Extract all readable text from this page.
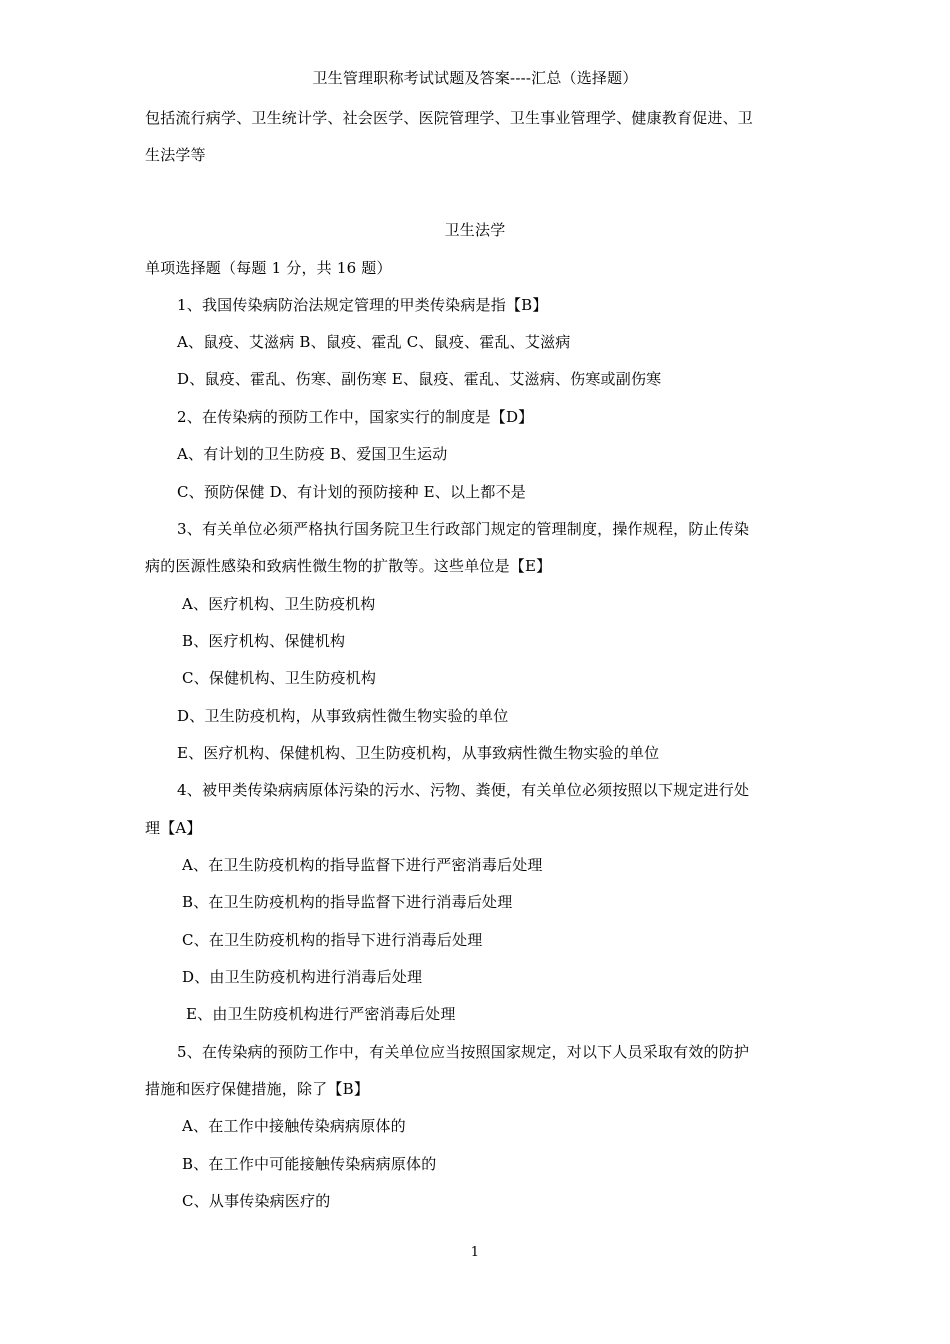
卫生管理职称考试试题及答案----汇总（选择题）
包括流行病学、卫生统计学、社会医学、医院管理学、卫生事业管理学、健康教育促进、卫
生法学等
卫生法学
单项选择题（每题 1 分，共 16 题）
1、我国传染病防治法规定管理的甲类传染病是指【B】
A、鼠疫、艾滋病 B、鼠疫、霍乱 C、鼠疫、霍乱、艾滋病
D、鼠疫、霍乱、伤寒、副伤寒 E、鼠疫、霍乱、艾滋病、伤寒或副伤寒
2、在传染病的预防工作中，国家实行的制度是【D】
A、有计划的卫生防疫 B、爱国卫生运动
C、预防保健 D、有计划的预防接种 E、以上都不是
3、有关单位必须严格执行国务院卫生行政部门规定的管理制度，操作规程，防止传染
病的医源性感染和致病性微生物的扩散等。这些单位是【E】
A、医疗机构、卫生防疫机构
B、医疗机构、保健机构
C、保健机构、卫生防疫机构
D、卫生防疫机构，从事致病性微生物实验的单位
E、医疗机构、保健机构、卫生防疫机构，从事致病性微生物实验的单位
4、被甲类传染病病原体污染的污水、污物、粪便，有关单位必须按照以下规定进行处
理【A】
A、在卫生防疫机构的指导监督下进行严密消毒后处理
B、在卫生防疫机构的指导监督下进行消毒后处理
C、在卫生防疫机构的指导下进行消毒后处理
D、由卫生防疫机构进行消毒后处理
E、由卫生防疫机构进行严密消毒后处理
5、在传染病的预防工作中，有关单位应当按照国家规定，对以下人员采取有效的防护
措施和医疗保健措施，除了【B】
A、在工作中接触传染病病原体的
B、在工作中可能接触传染病病原体的
C、从事传染病医疗的
1
